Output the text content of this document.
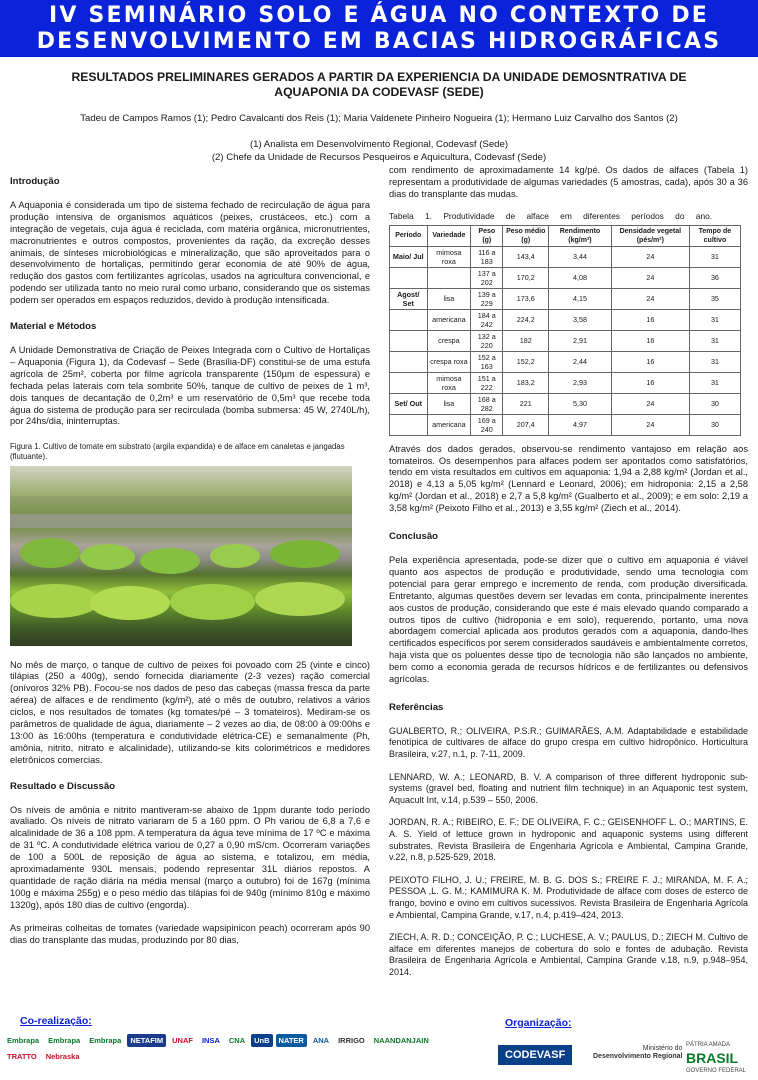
IV SEMINÁRIO SOLO E ÁGUA NO CONTEXTO DE
DESENVOLVIMENTO EM BACIAS HIDROGRÁFICAS
RESULTADOS PRELIMINARES GERADOS A PARTIR DA EXPERIENCIA DA UNIDADE DEMOSNTRATIVA DE
AQUAPONIA DA CODEVASF (SEDE)
Tadeu de Campos Ramos (1); Pedro Cavalcanti dos Reis (1); Maria Valdenete Pinheiro Nogueira (1); Hermano Luiz Carvalho dos Santos (2)
(1) Analista em Desenvolvimento Regional, Codevasf (Sede)
(2) Chefe da Unidade de Recursos Pesqueiros e Aquicultura, Codevasf (Sede)
Introdução

A Aquaponia é considerada um tipo de sistema fechado de recirculação de água para produção intensiva de organismos aquáticos (peixes, crustáceos, etc.) com a integração de vegetais, cuja água é reciclada, com matéria orgânica, micronutrientes, macronutrientes e outros compostos, provenientes da ração, da excreção desses animais, de sínteses microbiológicas e mineralização, que são aproveitados para o desenvolvimento de hortaliças, permitindo gerar economia de até 90% de água, redução dos gastos com fertilizantes agrícolas, usados na agricultura convencional, e podendo ser utilizada tanto no meio rural como urbano, considerando que os sistemas podem ser operados em espaços reduzidos, devido à produção intensificada.

Material e Métodos

A Unidade Demonstrativa de Criação de Peixes Integrada com o Cultivo de Hortaliças – Aquaponia (Figura 1), da Codevasf – Sede (Brasília-DF) constitui-se de uma estufa agrícola de 25m², coberta por filme agrícola transparente (150µm de espessura) e fechada pelas laterais com tela sombrite 50%, tanque de cultivo de peixes de 1 m³, dois tanques de decantação de 0,2m³ e um reservatório de 0,5m³ que recebe toda água do sistema de produção para ser recirculada (bomba submersa: 45 W, 2740L/h), por 24hs/dia, ininterruptas.

Figura 1. Cultivo de tomate em substrato (argila expandida) e de alface em canaletas e jangadas (flutuante).

No mês de março, o tanque de cultivo de peixes foi povoado com 25 (vinte e cinco) tilápias (250 a 400g), sendo fornecida diariamente (2-3 vezes) ração comercial (onívoros 32% PB). Focou-se nos dados de peso das cabeças (massa fresca da parte aérea) de alfaces e de rendimento (kg/m²), até o mês de outubro, relativos a vários ciclos, e nos resultados de tomates (kg tomates/pé – 3 tomateiros). Mediram-se os parâmetros de qualidade de água, diariamente – 2 vezes ao dia, de 08:00 à 09:00hs e 13:00 às 16:00hs (temperatura e condutividade elétrica-CE) e semanalmente (Ph, amônia, nitrito, nitrato e alcalinidade), utilizando-se kits colorimétricos e medidores eletrônicos comercias.

Resultado e Discussão

Os níveis de amônia e nitrito mantiveram-se abaixo de 1ppm durante todo período avaliado. Os níveis de nitrato variaram de 5 a 160 ppm. O Ph variou de 6,8 a 7,6 e alcalinidade de 36 a 108 ppm. A temperatura da água teve mínima de 17 ºC e máxima de 31 ºC. A condutividade elétrica variou de 0,27 a 0,90 mS/cm. Ocorreram variações de 100 a 500L de reposição de água ao sistema, e totalizou, em média, aproximadamente 930L mensais, podendo representar 31L diários repostos. A quantidade de ração diária na média mensal (março a outubro) foi de 167g (mínima 100g e máxima 255g) e o peso médio das tilápias foi de 940g (mínimo 810g e máximo 1320g), após 180 dias de cultivo (engorda).

As primeiras colheitas de tomates (variedade wapsipinicon peach) ocorreram após 90 dias do transplante das mudas, produzindo por 80 dias,

com rendimento de aproximadamente 14 kg/pé. Os dados de alfaces (Tabela 1) representam a produtividade de algumas variedades (5 amostras, cada), após 30 a 36 dias do transplante das mudas.

Tabela 1. Produtividade de alface em diferentes períodos do ano.
Período	Variedade	Peso (g)	Peso médio (g)	Rendimento (kg/m²)	Densidade vegetal (pés/m²)	Tempo de cultivo
Maio/ Jul	mimosa roxa	116 a 183	143,4	3,44	24	31
		137 a 202	170,2	4,08	24	36
Agost/ Set	lisa	139 a 229	173,6	4,15	24	35
	americana	184 a 242	224,2	3,58	16	31
	crespa	132 a 220	182	2,91	16	31
	crespa roxa	152 a 163	152,2	2,44	16	31
	mimosa roxa	151 a 222	183,2	2,93	16	31
Set/ Out	lisa	168 a 282	221	5,30	24	30
	americana	169 a 240	207,4	4,97	24	30

Através dos dados gerados, observou-se rendimento vantajoso em relação aos tomateiros. Os desempenhos para alfaces podem ser apontados como satisfatórios, tendo em vista resultados em cultivos em aquaponia: 1,94 a 2,88 kg/m² (Jordan et al., 2018) e 4,13 a 5,05 kg/m² (Lennard e Leonard, 2006); em hidroponia: 2,15 a 2,58 kg/m² (Jordan et al., 2018) e 2,7 a 5,8 kg/m² (Gualberto et al., 2009); e em solo: 2,19 a 3,58 kg/m² (Peixoto Filho et al., 2013) e 3,55 kg/m² (Ziech et al., 2014).

Conclusão

Pela experiência apresentada, pode-se dizer que o cultivo em aquaponia é viável quanto aos aspectos de produção e produtividade, sendo uma tecnologia com potencial para gerar emprego e incremento de renda, com produção diversificada. Entretanto, algumas questões devem ser levadas em conta, principalmente inerentes aos custos de produção, considerando que este é mais elevado quando comparado a outros tipos de cultivo (hidroponia e em solo), requerendo, portanto, uma nova abordagem comercial aplicada aos produtos gerados com a aquaponia, dando-lhes certificados específicos por serem considerados saudáveis e ambientalmente corretos, haja vista que os poluentes desse tipo de tecnologia não são lançados no ambiente, bem como a economia gerada de recursos hídricos e de fertilizantes ou defensivos agrícolas.

Referências

GUALBERTO, R.; OLIVEIRA, P.S.R.; GUIMARÃES, A.M. Adaptabilidade e estabilidade fenotípica de cultivares de alface do grupo crespa em cultivo hidropônico. Horticultura Brasileira, v.27, n.1, p. 7-11, 2009.

LENNARD, W. A.; LEONARD, B. V. A comparison of three different hydroponic sub-systems (gravel bed, floating and nutrient film technique) in an Aquaponic test system, Aquacult Int, v.14, p.539 – 550, 2006.

JORDAN, R. A.; RIBEIRO, E. F.; DE OLIVEIRA, F. C.; GEISENHOFF L. O.; MARTINS, E. A. S. Yield of lettuce grown in hydroponic and aquaponic systems using different substrates. Revista Brasileira de Engenharia Agrícola e Ambiental, Campina Grande, v.22, n.8, p.525-529, 2018.

PEIXOTO FILHO, J. U.; FREIRE, M. B. G. DOS S.; FREIRE F. J.; MIRANDA, M. F. A.; PESSOA ,L. G. M.; KAMIMURA K. M. Produtividade de alface com doses de esterco de frango, bovino e ovino em cultivos sucessivos. Revista Brasileira de Engenharia Agrícola e Ambiental, Campina Grande, v.17, n.4, p.419–424, 2013.

ZIECH, A. R. D.; CONCEIÇÃO, P. C.; LUCHESE, A. V.; PAULUS, D.; ZIECH M. Cultivo de alface em diferentes manejos de cobertura do solo e fontes de adubação. Revista Brasileira de Engenharia Agrícola e Ambiental, Campina Grande v.18, n.9, p.948–954, 2014.

Co-realização:	Organização:
Embrapa	Embrapa	Embrapa	NETAFIM	UNAF	INSA	CNA	UnB	NATER	ANA	IRRIGO	NAANDANJAIN
TRATTO	Nebraska	CODEVASF
Ministério do
Desenvolvimento Regional
PÁTRIA AMADA
BRASIL
GOVERNO FEDERAL
